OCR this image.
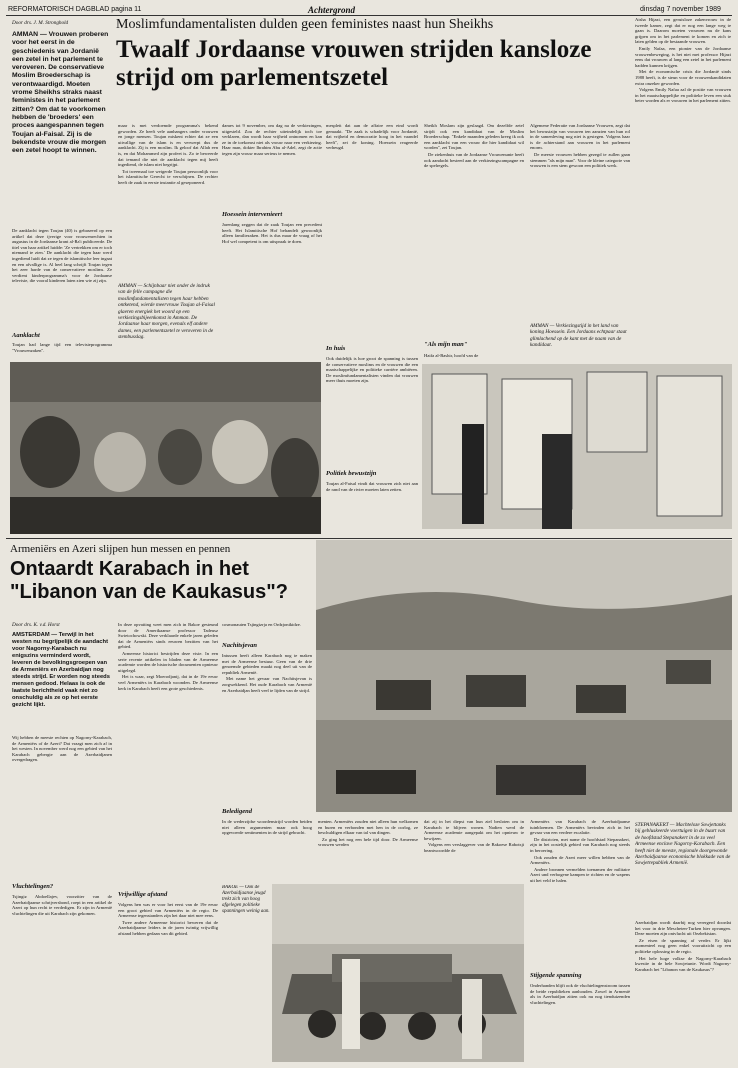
REFORMATORISCH DAGBLAD pagina 11	Achtergrond	dinsdag 7 november 1989
Door drs. J. M. Stronghold
AMMAN — Vrouwen proberen voor het eerst in de geschiedenis van Jordanië een zetel in het parlement te veroveren. De conservatieve Moslim Broederschap is verontwaardigd. Moeten vrome Sheikhs straks naast feministes in het parlement zitten? Om dat te voorkomen hebben de 'broeders' een proces aangespannen tegen Toujan al-Faisal. Zij is de bekendste vrouw die morgen een zetel hoopt te winnen.
Moslimfundamentalisten dulden geen feministes naast hun Sheikhs
Twaalf Jordaanse vrouwen strijden kansloze strijd om parlementszetel

De aanklacht tegen Toujan (40) is gebaseerd op een artikel dat deze ijverige voor vrouwenrechten in augustus in de Jordaanse krant al-Ra'i publiceerde. De titel van haar artikel luidde: 'Ze vertrekken om er toch niemand te zien.' De aanklacht die tegen haar werd ingediend luidt dat ze tegen de islamitische leer ingaat en een afvallige is. Al heel lang schrijft Toujan tegen het zeer harde van de conservatieve moslims. Ze verdient kinderprogramma's voor de Jordaanse televisie, die vooral kinderen laten zien wie zij zijn.

Aanklacht

Toujan had lange tijd een televisieprogramma "Vrouwenzaken".

maar is met verdoemde programma's bekend geworden. Ze heeft vele aanhangers onder vrouwen en jonge mensen. Toujan miskent echter dat ze een uitvallige van de islam is en verwerpt dus de aanklacht. Zij is een moslim. Ik geloof dat Allah een is, en dat Mohammed zijn profeet is. Zo te beweerde dat iemand die niet de aanklacht tegen mij heeft ingediend, de islam niet begrijpt.

Tot tweemaal toe weigerde Toujan persoonlijk voor het islamitische Gerecht te verschijnen. De rechter heeft de zaak in eerste instantie al geseponeerd.

AMMAN — Schijnbaar niet onder de indruk van de felle campagne die moslimfundamentalisten tegen haar hebben ontketend, wierde meervrouw Toujan al-Faisal glaeren energiek het woord op een verkiezingsbijeenkomst in Amman. De Jordaanse haar morgen, evenals elf andere dames, een parlementszetel te veroveren in de stembusslag.

dames tot 9 november, om dag na de verkiezingen, uitgesteld. Zou de rechter uiteindelijk toch toe verklaren, dan wordt haar vrijheid ontnomen en kan ze in de toekomst niet als vrouw naar een verkiezing. Haar man, dokter Ibrahim Abu al-Adel, zegt de actie tegen zijn vrouw maar serieus te nemen.

Hoessein intervenieert

Jarenlang zeggen dat de zaak Toujan een precedent heeft. Het Islamitische Hof behandelt gewoonlijk alleen familiezaken. Het is dus maar de vraag of het Hof wel competent is om uitspraak te doen.

mespleit dat aan de affaire een eind wordt gemaakt. "De zaak is schadelijk voor Jordanië, dat vrijheid en democratie hoog in het vaandel heeft", zei de koning. Hoessein reageerde verheugd.

In huis

Ook duidelijk is hoe groot de spanning is tussen de conservatieve moslims en de vrouwen die een maatschappelijke en politieke carrière ambiëren. De moslimfundamentalisten vinden dat vrouwen meer thuis moeten zijn.

Politiek bewustzijn

Toujan al-Faisal vindt dat vrouwen zich niet aan de rand van de rivier moeten laten zetten.

Sheikh Moslam zijn geslaagd. Om dezelfde zetel strijdt ook een kandidaat van de Moslim Broederschap. "Enkele maanden geleden kreeg ik ook een aanklacht van een vrouw die hier kandidaat wil worden", zei Toujan.

De ziekenhuis van de Jordaanse Vrouwenunie heeft ook aandacht besteed aan de verkiezingscampagne en de spelregels.

"Als mijn man"

Haifa al-Bashir, hoofd van de

Algemene Federatie van Jordaanse Vrouwen, zegt dat het bewustzijn van vrouwen ten aanzien van hun rol in de samenleving nog niet is gestegen. Volgens haar is de achterstand aan vrouwen in het parlement enorm.

De meeste vrouwen hebben gezegd te zullen gaan stemmen "als mijn man". Voor de kleine categorie van vrouwen is een stem gewoon een politiek werk.

AMMAN — Verkiezingstijd in het land van koning Hoessein. Een Jordaans echtpaar staat glimlachend op de kant met de naam van de kandidaat.

Aisha Hijazi, een geruisloze zakenvrouw in de tweede kamer, zegt dat er nog een lange weg te gaan is. Daarom moeten vrouwen nu de kans grijpen om in het parlement te komen en zich te laten gelden op de bestaande vrouwen.

Emily Nafaa, een pionier van de Jordaanse vrouwenbeweging, is het niet met professor Hijazi eens dat vrouwen al lang een zetel in het parlement hadden kunnen krijgen.

Met de economische crisis die Jordanië sinds 1988 heeft, is de steun voor de vrouwenkandidaten extra onzeker geworden.

Volgens Emily Nafaa zal de positie van vrouwen in het maatschappelijke en politieke leven een stuk beter worden als er vrouwen in het parlement zitten.

Armeniërs en Azeri slijpen hun messen en pennen
Ontaardt Karabach in het "Libanon van de Kaukasus"?
Door drs. K. v.d. Horst
AMSTERDAM — Terwijl in het westen nu begrijpelijk de aandacht voor Nagorny-Karabach nu enigszins verminderd wordt, leveren de bevolkingsgroepen van de Armeniërs en Azerbaidjan nog steeds strijd. Er worden nog steeds mensen gedood. Helaas is ook de laatste berichtheid vaak niet zo onschuldig als ze op het eerste gezicht lijkt.

Wij hebben de meeste rechten op Nagorny-Karabach, de Armeniërs of de Azeri? Dat vraagt men zich af in het westen. In november werd nog een gebied van het Karabach gebergte aan de Azerbaidjanen overgedragen.

Vluchtelingen?

Tsjingiz Abdoellajev, voorzitter van de Azerbaidjaanse schrijversbond, roept in een artikel de Azeri op hun recht te verdedigen. Er zijn in Armenië vluchtelingen die uit Karabach zijn gekomen.

In deze opvatting weet men zich in Bakoe gesteund door de Amerikaanse professor Tadeusz Swietochowski. Deze verklaarde enkele jaren geleden dat de Armeniërs sinds eeuwen bezitten van het gebied.

Armeense historici bestrijden deze visie. In een serie recente artikelen in bladen van de Armeense academie worden de historische documenten opnieuw uitgelegd.

Het is waar, zegt Moerodjanij, dat in de 19e eeuw veel Armeniërs in Karabach woonden. De Armeense kerk in Karabach heeft een grote geschiedenis.

Vrijwillige afstand

Volgens hen was er voor het eerst van de 19e eeuw een groot gebied van Armeniërs in de regio. De Armeense tegenstanders zijn het daar niet mee eens.

Twee andere Armeense historici beweren dat de Azerbaidjaanse leiders in de jaren twintig vrijwillig afstand hebben gedaan van dit gebied.

cosmonauten Tsjingizrja en Ordzjonikidze.

Nachitsjevan

Intussen heeft alleen Karabach nog te maken met de Armeense bestuur. Geen van de drie genoemde gebieden maakt nog deel uit van de republiek Armenië.

Met name het gevaar van Nachitsjevan is zorgwekkend. Het oude Karabach van Armenië en Azerbaidjan heeft veel te lijden van de strijd.

Beledigend

In de wederzijdse woordenstrijd worden beiden niet alleen argumenten maar ook hoog opgevoerde sentimenten in de strijd gebracht.

menten. Armeniërs zouden niet alleen hun welkomen en buren en verbonden met hen in de oorlog, ze beschuldigen elkaar van tal van dingen.

Zo ging het nog een hele tijd door. De Armeense vrouwen werden

dat zij in het diepst van hun ziel besloten om in Karabach te blijven wonen. Nadien werd de Armeense academie aangepakt om het opnieuw te bewijzen.

Volgens een verslaggever van de Bakoese Rabotsji beantwoordde de

Armeniërs van Karabach de Azerbaidjaanse tuinbloemen. De Armeniërs bevinden zich in het gevaar van een verdere escalatie.

De districten, met name de hoofdstad Stepanakert, zijn in het oostelijk gebied van Karabach nog steeds in beroering.

Ook zouden de Azeri meer willen hebben van de Armeniërs.

Andere bronnen vermelden toenamen der militaire Azeri und verbogene kampen te richten en de wapens uit het veld te halen.

Stijgende spanning

Onderhanden blijft ook de vluchtelingenstroom tussen de beide republieken aanhouden. Zowel in Armenië als in Azerbaidjan zitten ook nu nog tienduizenden vluchtelingen.

STEPANAKERT — Machteloze Sowjettanks bij gebluskeerde voertuigen in de buurt van de hoofdstad Stepanakert in de zo veel Armeense enclave Nagorny-Karabach. Een heeft niet de meeste, regionale doorgewonde Azerbaidjaanse economische blokkade van de Sowjetrepubliek Armenië.

Azerbaidjan wordt daarbij nog verergerd doordat het voor in drie Mescheten-Turken hier opvangen. Deze moeten zijn ontvlucht uit Oezbekistan.

Ze eisen de spanning af verder. Er lijkt momenteel nog geen enkel vooruitzicht op een politieke oplossing in de regio.

Het hele hoge volkse de Nagorny-Karabach kwestie in de hele Sowjetunie. Wordt Nagorny-Karabach het "Libanon van de Kaukasus"?

BAKOE — Ook de Azerbaidjaanse jeugd trekt zich van hoog afgelegen politieke spanningen weinig aan.
